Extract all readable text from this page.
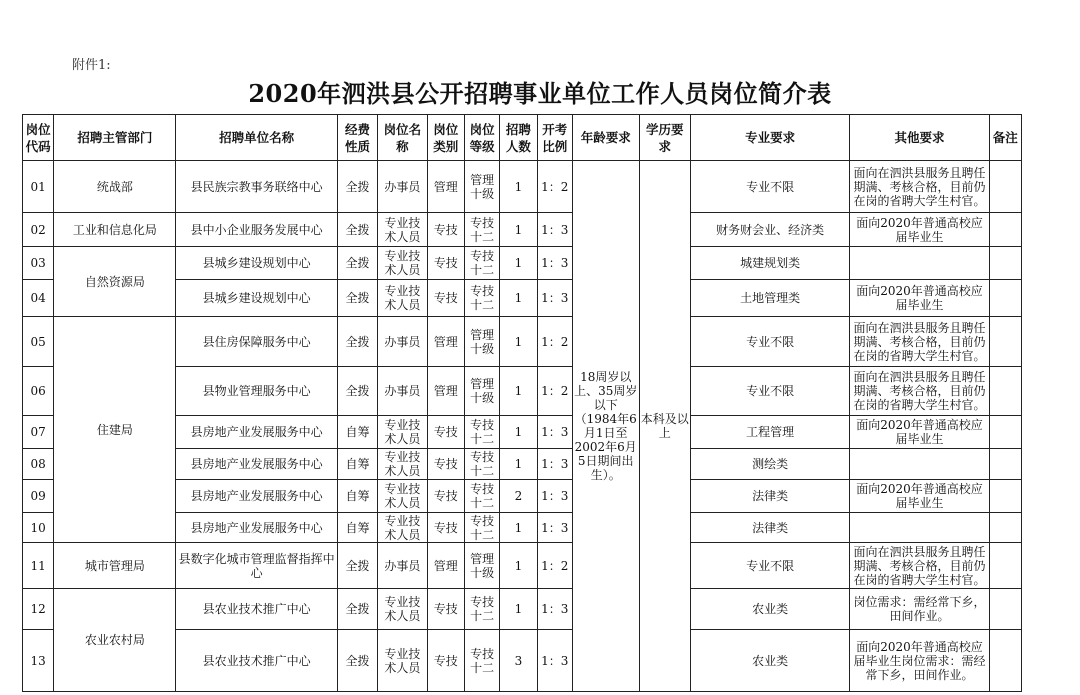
附件1:
2020年泗洪县公开招聘事业单位工作人员岗位简介表
岗位代码	招聘主管部门	招聘单位名称	经费性质	岗位名称	岗位类别	岗位等级	招聘人数	开考比例	年龄要求	学历要求	专业要求	其他要求	备注
01	统战部	县民族宗教事务联络中心	全拨	办事员	管理	管理十级	1	1：2	18周岁以上、35周岁以下（1984年6月1日至2002年6月5日期间出生）。	本科及以上	专业不限	面向在泗洪县服务且聘任期满、考核合格，目前仍在岗的省聘大学生村官。	
02	工业和信息化局	县中小企业服务发展中心	全拨	专业技术人员	专技	专技十二	1	1：3			财务财会业、经济类	面向2020年普通高校应届毕业生	
03	自然资源局	县城乡建设规划中心	全拨	专业技术人员	专技	专技十二	1	1：3			城建规划类		
04		县城乡建设规划中心	全拨	专业技术人员	专技	专技十二	1	1：3			土地管理类	面向2020年普通高校应届毕业生	
05	住建局	县住房保障服务中心	全拨	办事员	管理	管理十级	1	1：2			专业不限	面向在泗洪县服务且聘任期满、考核合格，目前仍在岗的省聘大学生村官。	
06		县物业管理服务中心	全拨	办事员	管理	管理十级	1	1：2			专业不限	面向在泗洪县服务且聘任期满、考核合格，目前仍在岗的省聘大学生村官。	
07		县房地产业发展服务中心	自筹	专业技术人员	专技	专技十二	1	1：3			工程管理	面向2020年普通高校应届毕业生	
08		县房地产业发展服务中心	自筹	专业技术人员	专技	专技十二	1	1：3			测绘类		
09		县房地产业发展服务中心	自筹	专业技术人员	专技	专技十二	2	1：3			法律类	面向2020年普通高校应届毕业生	
10		县房地产业发展服务中心	自筹	专业技术人员	专技	专技十二	1	1：3			法律类		
11	城市管理局	县数字化城市管理监督指挥中心	全拨	办事员	管理	管理十级	1	1：2			专业不限	面向在泗洪县服务且聘任期满、考核合格，目前仍在岗的省聘大学生村官。	
12	农业农村局	县农业技术推广中心	全拨	专业技术人员	专技	专技十二	1	1：3			农业类	岗位需求：需经常下乡，田间作业。	
13		县农业技术推广中心	全拨	专业技术人员	专技	专技十二	3	1：3			农业类	面向2020年普通高校应届毕业生岗位需求：需经常下乡，田间作业。	
